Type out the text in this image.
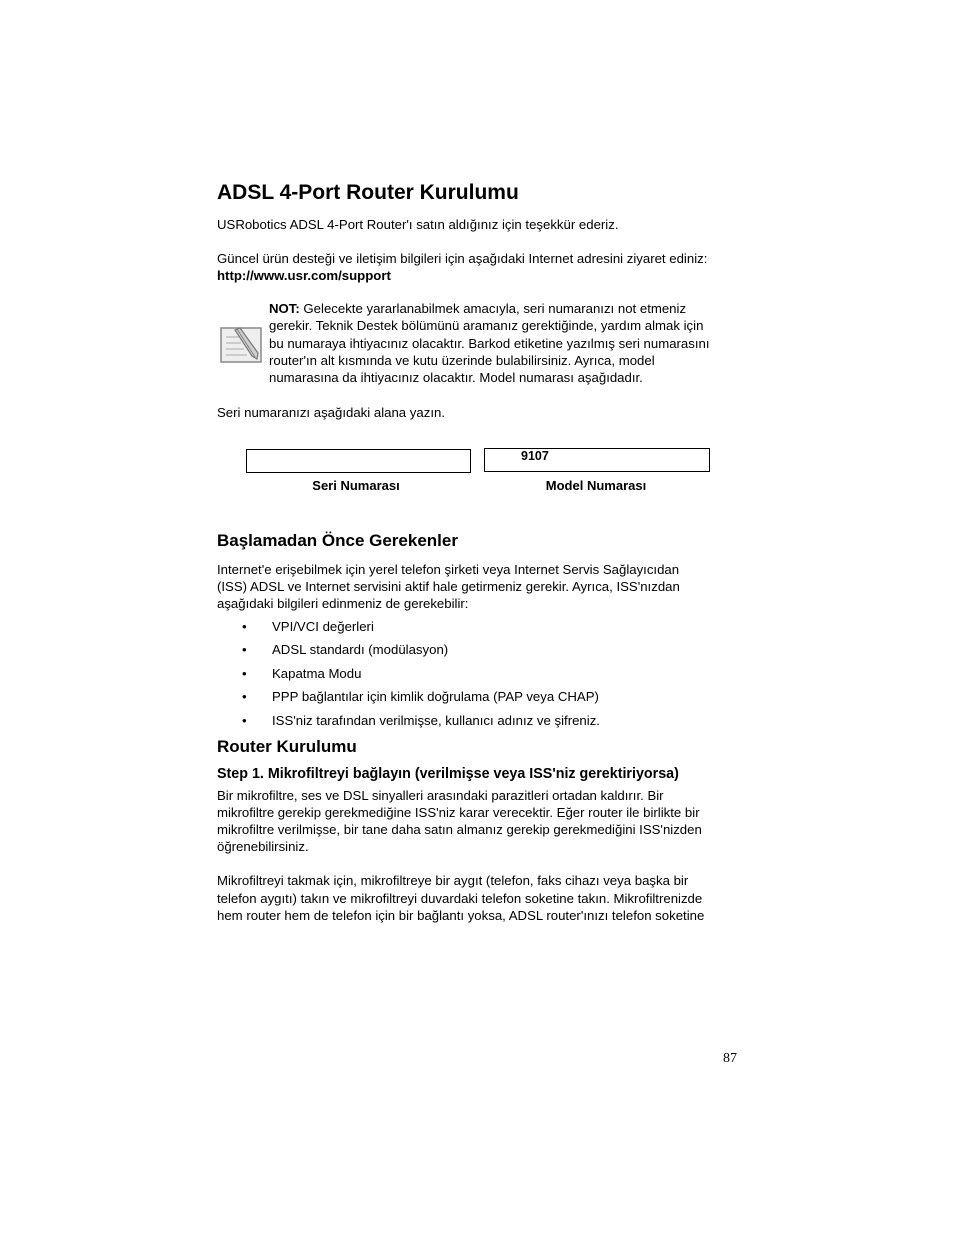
ADSL 4-Port Router Kurulumu

USRobotics ADSL 4-Port Router'ı satın aldığınız için teşekkür ederiz.

Güncel ürün desteği ve iletişim bilgileri için aşağıdaki Internet adresini ziyaret ediniz:

http://www.usr.com/support

NOT: Gelecekte yararlanabilmek amacıyla, seri numaranızı not etmeniz
gerekir. Teknik Destek bölümünü aramanız gerektiğinde, yardım almak için
bu numaraya ihtiyacınız olacaktır. Barkod etiketine yazılmış seri numarasını
router'ın alt kısmında ve kutu üzerinde bulabilirsiniz. Ayrıca, model
numarasına da ihtiyacınız olacaktır. Model numarası aşağıdadır.

Seri numaranızı aşağıdaki alana yazın.

9107
Seri Numarası	Model Numarası
Başlamadan Önce Gerekenler

Internet'e erişebilmek için yerel telefon şirketi veya Internet Servis Sağlayıcıdan

(ISS) ADSL ve Internet servisini aktif hale getirmeniz gerekir. Ayrıca, ISS'nızdan

aşağıdaki bilgileri edinmeniz de gerekebilir:

• VPI/VCI değerleri
• ADSL standardı (modülasyon)
• Kapatma Modu
• PPP bağlantılar için kimlik doğrulama (PAP veya CHAP)
• ISS'niz tarafından verilmişse, kullanıcı adınız ve şifreniz.
Router Kurulumu
Step 1. Mikrofiltreyi bağlayın (verilmişse veya ISS'niz gerektiriyorsa)

Bir mikrofiltre, ses ve DSL sinyalleri arasındaki parazitleri ortadan kaldırır. Bir

mikrofiltre gerekip gerekmediğine ISS'niz karar verecektir. Eğer router ile birlikte bir

mikrofiltre verilmişse, bir tane daha satın almanız gerekip gerekmediğini ISS'nizden

öğrenebilirsiniz.

Mikrofiltreyi takmak için, mikrofiltreye bir aygıt (telefon, faks cihazı veya başka bir

telefon aygıtı) takın ve mikrofiltreyi duvardaki telefon soketine takın. Mikrofiltrenizde

hem router hem de telefon için bir bağlantı yoksa, ADSL router'ınızı telefon soketine

87
